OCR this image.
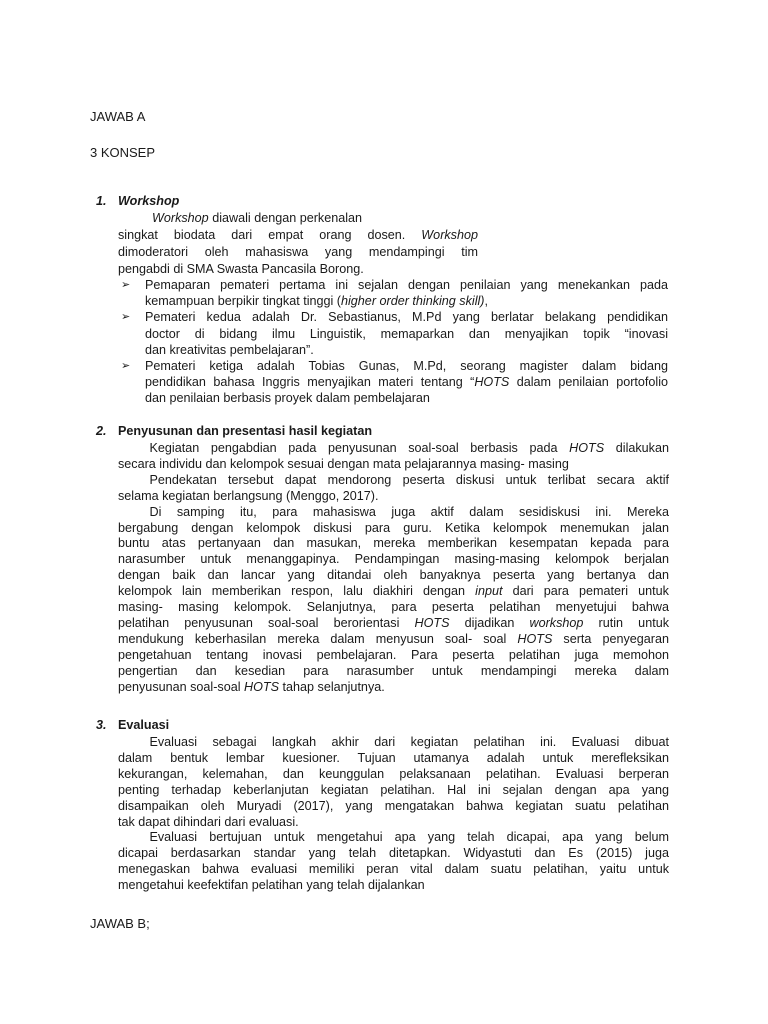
JAWAB A
3 KONSEP
1. Workshop
Workshop diawali dengan perkenalan
singkat biodata dari empat orang dosen. Workshop
dimoderatori oleh mahasiswa yang mendampingi tim
pengabdi di SMA Swasta Pancasila Borong.
➢ Pemaparan pemateri pertama ini sejalan dengan penilaian yang menekankan pada
kemampuan berpikir tingkat tinggi (higher order thinking skill),
➢ Pemateri kedua adalah Dr. Sebastianus, M.Pd yang berlatar belakang pendidikan
doctor di bidang ilmu Linguistik, memaparkan dan menyajikan topik “inovasi
dan kreativitas pembelajaran”.
➢ Pemateri ketiga adalah Tobias Gunas, M.Pd, seorang magister dalam bidang
pendidikan bahasa Inggris menyajikan materi tentang “HOTS dalam penilaian portofolio
dan penilaian berbasis proyek dalam pembelajaran
2. Penyusunan dan presentasi hasil kegiatan
   Kegiatan pengabdian pada penyusunan soal-soal berbasis pada HOTS dilakukan
secara individu dan kelompok sesuai dengan mata pelajarannya masing- masing
   Pendekatan tersebut dapat mendorong peserta diskusi untuk terlibat secara aktif
selama kegiatan berlangsung (Menggo, 2017).
   Di samping itu, para mahasiswa juga aktif dalam sesidiskusi ini. Mereka
bergabung dengan kelompok diskusi para guru. Ketika kelompok menemukan jalan
buntu atas pertanyaan dan masukan, mereka memberikan kesempatan kepada para
narasumber untuk menanggapinya. Pendampingan masing-masing kelompok berjalan
dengan baik dan lancar yang ditandai oleh banyaknya peserta yang bertanya dan
kelompok lain memberikan respon, lalu diakhiri dengan input dari para pemateri untuk
masing- masing kelompok. Selanjutnya, para peserta pelatihan menyetujui bahwa
pelatihan penyusunan soal-soal berorientasi HOTS dijadikan workshop rutin untuk
mendukung keberhasilan mereka dalam menyusun soal- soal HOTS serta penyegaran
pengetahuan tentang inovasi pembelajaran. Para peserta pelatihan juga memohon
pengertian dan kesedian para narasumber untuk mendampingi mereka dalam
penyusunan soal-soal HOTS tahap selanjutnya.
3. Evaluasi
   Evaluasi sebagai langkah akhir dari kegiatan pelatihan ini. Evaluasi dibuat
dalam bentuk lembar kuesioner. Tujuan utamanya adalah untuk merefleksikan
kekurangan, kelemahan, dan keunggulan pelaksanaan pelatihan. Evaluasi berperan
penting terhadap keberlanjutan kegiatan pelatihan. Hal ini sejalan dengan apa yang
disampaikan oleh Muryadi (2017), yang mengatakan bahwa kegiatan suatu pelatihan
tak dapat dihindari dari evaluasi.
   Evaluasi bertujuan untuk mengetahui apa yang telah dicapai, apa yang belum
dicapai berdasarkan standar yang telah ditetapkan. Widyastuti dan Es (2015) juga
menegaskan bahwa evaluasi memiliki peran vital dalam suatu pelatihan, yaitu untuk
mengetahui keefektifan pelatihan yang telah dijalankan
JAWAB B;
